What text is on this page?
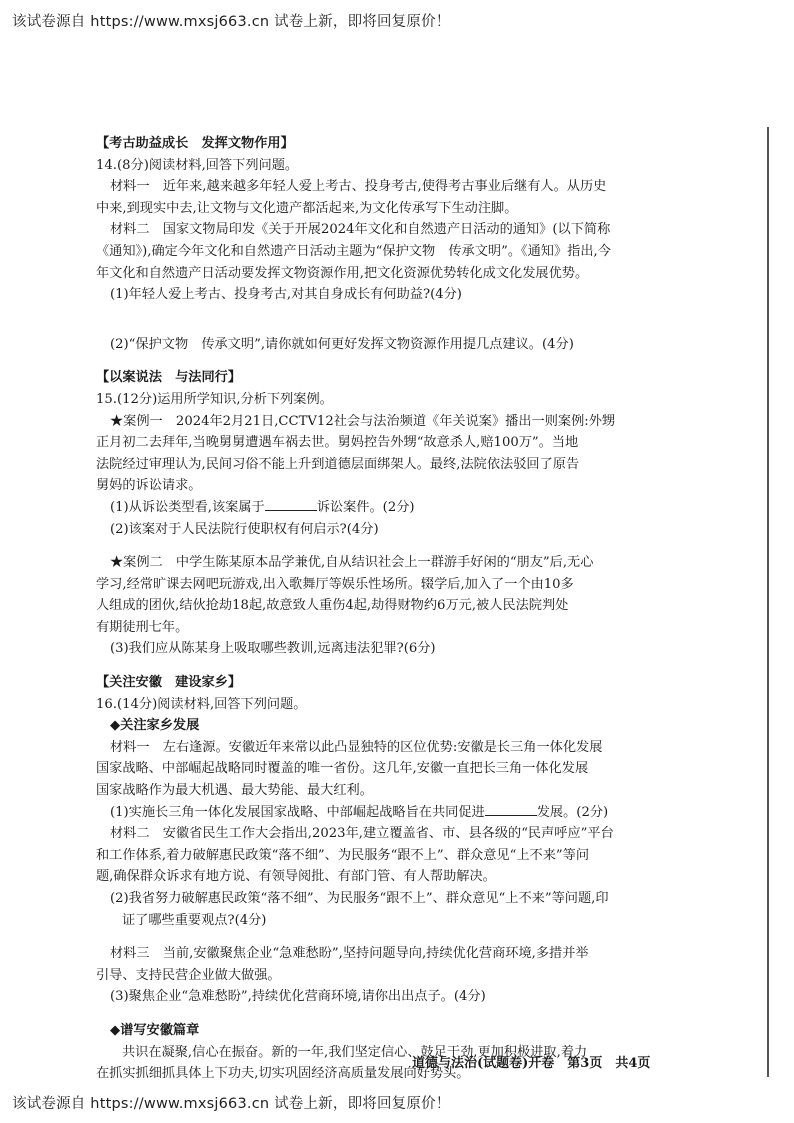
该试卷源自 https://www.mxsj663.cn 试卷上新，即将回复原价！
【考古助益成长　发挥文物作用】
14.(8分)阅读材料,回答下列问题。
材料一　近年来,越来越多年轻人爱上考古、投身考古,使得考古事业后继有人。从历史
中来,到现实中去,让文物与文化遗产都活起来,为文化传承写下生动注脚。
材料二　国家文物局印发《关于开展2024年文化和自然遗产日活动的通知》(以下简称
《通知》),确定今年文化和自然遗产日活动主题为“保护文物　传承文明”。《通知》指出,今
年文化和自然遗产日活动要发挥文物资源作用,把文化资源优势转化成文化发展优势。
(1)年轻人爱上考古、投身考古,对其自身成长有何助益?(4分)
(2)“保护文物　传承文明”,请你就如何更好发挥文物资源作用提几点建议。(4分)
【以案说法　与法同行】
15.(12分)运用所学知识,分析下列案例。
★案例一　2024年2月21日,CCTV12社会与法治频道《年关说案》播出一则案例:外甥
正月初二去拜年,当晚舅舅遭遇车祸去世。舅妈控告外甥“故意杀人,赔100万”。当地
法院经过审理认为,民间习俗不能上升到道德层面绑架人。最终,法院依法驳回了原告
舅妈的诉讼请求。
(1)从诉讼类型看,该案属于	诉讼案件。(2分)
(2)该案对于人民法院行使职权有何启示?(4分)
★案例二　中学生陈某原本品学兼优,自从结识社会上一群游手好闲的“朋友”后,无心
学习,经常旷课去网吧玩游戏,出入歌舞厅等娱乐性场所。辍学后,加入了一个由10多
人组成的团伙,结伙抢劫18起,故意致人重伤4起,劫得财物约6万元,被人民法院判处
有期徒刑七年。
(3)我们应从陈某身上吸取哪些教训,远离违法犯罪?(6分)
【关注安徽　建设家乡】
16.(14分)阅读材料,回答下列问题。
◆关注家乡发展
材料一　左右逢源。安徽近年来常以此凸显独特的区位优势:安徽是长三角一体化发展
国家战略、中部崛起战略同时覆盖的唯一省份。这几年,安徽一直把长三角一体化发展
国家战略作为最大机遇、最大势能、最大红利。
(1)实施长三角一体化发展国家战略、中部崛起战略旨在共同促进	发展。(2分)
材料二　安徽省民生工作大会指出,2023年,建立覆盖省、市、县各级的“民声呼应”平台
和工作体系,着力破解惠民政策“落不细”、为民服务“跟不上”、群众意见“上不来”等问
题,确保群众诉求有地方说、有领导阅批、有部门管、有人帮助解决。
(2)我省努力破解惠民政策“落不细”、为民服务“跟不上”、群众意见“上不来”等问题,印
证了哪些重要观点?(4分)
材料三　当前,安徽聚焦企业“急难愁盼”,坚持问题导向,持续优化营商环境,多措并举
引导、支持民营企业做大做强。
(3)聚焦企业“急难愁盼”,持续优化营商环境,请你出出点子。(4分)
◆谱写安徽篇章
共识在凝聚,信心在振奋。新的一年,我们坚定信心、鼓足干劲,更加积极进取,着力
在抓实抓细抓具体上下功夫,切实巩固经济高质量发展向好势头。
道德与法治(试题卷)开卷　第3页　共4页
该试卷源自 https://www.mxsj663.cn 试卷上新，即将回复原价！
